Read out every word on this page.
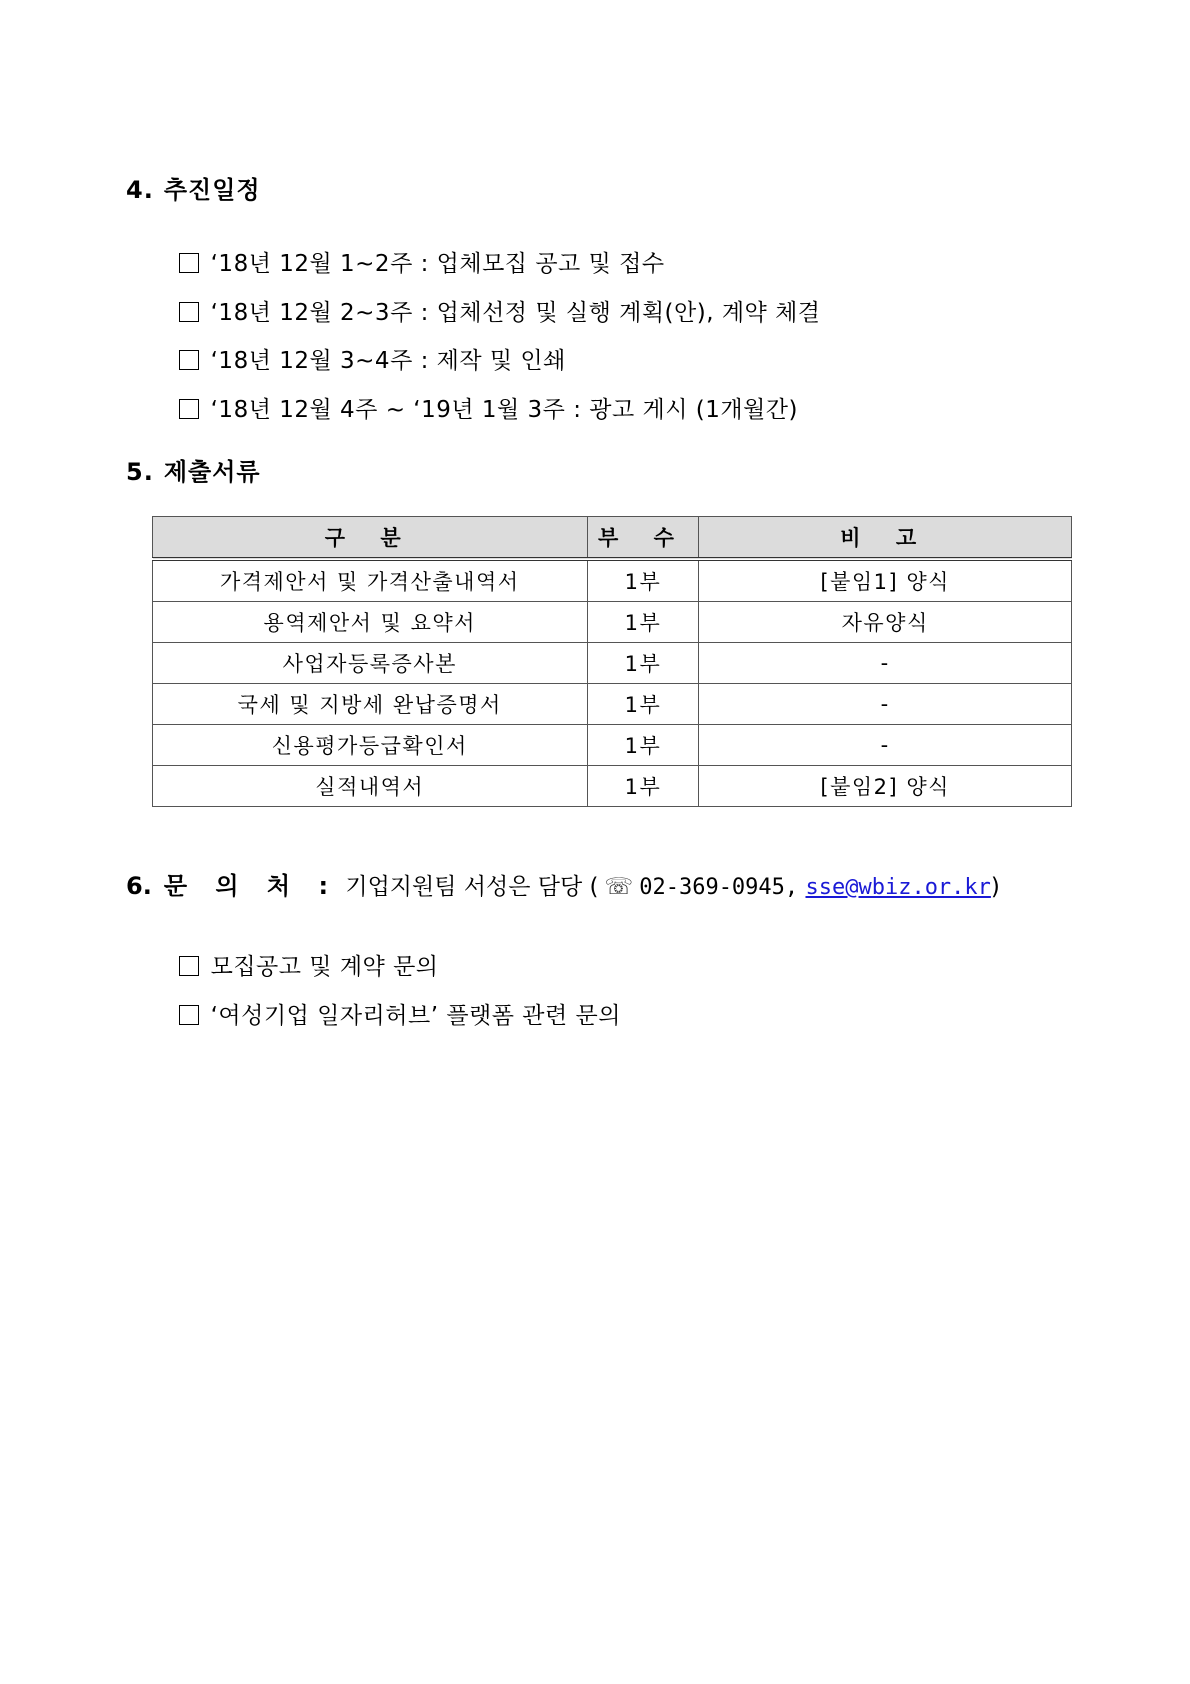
4. 추진일정

‘18년 12월 1~2주 : 업체모집 공고 및 접수

‘18년 12월 2~3주 : 업체선정 및 실행 계획(안), 계약 체결

‘18년 12월 3~4주 : 제작 및 인쇄

‘18년 12월 4주 ~ ‘19년 1월 3주 : 광고 게시 (1개월간)

5. 제출서류
구 분	부 수	비 고
가격제안서 및 가격산출내역서	1부	[붙임1] 양식
용역제안서 및 요약서	1부	자유양식
사업자등록증사본	1부	-
국세 및 지방세 완납증명서	1부	-
신용평가등급확인서	1부	-
실적내역서	1부	[붙임2] 양식
6. 문 의 처 : 기업지원팀 서성은 담당 ( ☏ 02-369-0945, sse@wbiz.or.kr)

모집공고 및 계약 문의

‘여성기업 일자리허브’ 플랫폼 관련 문의
